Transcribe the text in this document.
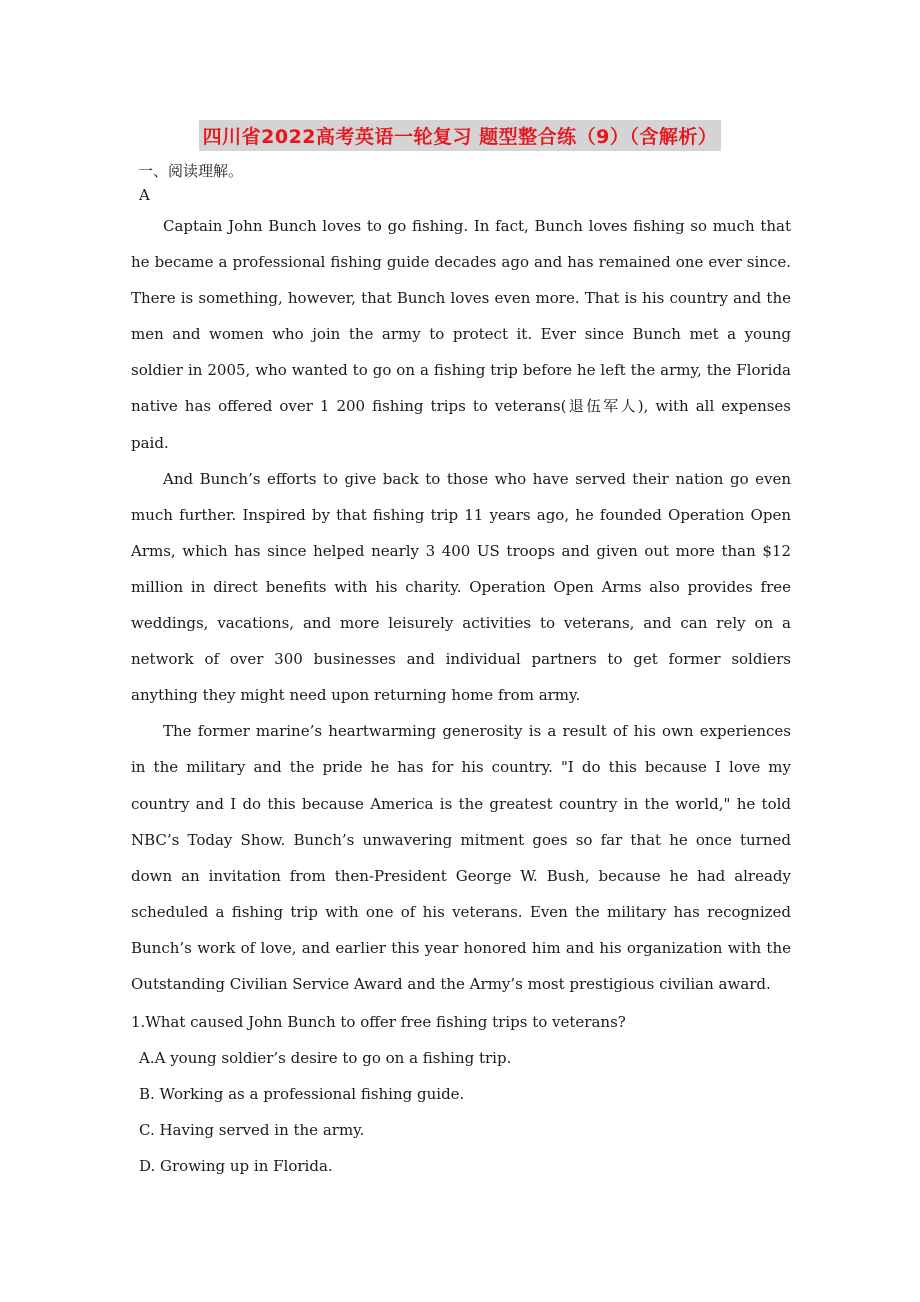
四川省2022高考英语一轮复习 题型整合练（9）（含解析）
一、阅读理解。
A

Captain John Bunch loves to go fishing. In fact, Bunch loves fishing so much that he became a professional fishing guide decades ago and has remained one ever since. There is something, however, that Bunch loves even more. That is his country and the men and women who join the army to protect it. Ever since Bunch met a young soldier in 2005, who wanted to go on a fishing trip before he left the army, the Florida native has offered over 1 200 fishing trips to veterans(退伍军人), with all expenses paid.

And Bunch’s efforts to give back to those who have served their nation go even much further. Inspired by that fishing trip 11 years ago, he founded Operation Open Arms, which has since helped nearly 3 400 US troops and given out more than $12 million in direct benefits with his charity. Operation Open Arms also provides free weddings, vacations, and more leisurely activities to veterans, and can rely on a network of over 300 businesses and individual partners to get former soldiers anything they might need upon returning home from army.

The former marine’s heartwarming generosity is a result of his own experiences in the military and the pride he has for his country. "I do this because I love my country and I do this because America is the greatest country in the world," he told NBC’s Today Show. Bunch’s unwavering mitment goes so far that he once turned down an invitation from then-President George W. Bush, because he had already scheduled a fishing trip with one of his veterans. Even the military has recognized Bunch’s work of love, and earlier this year honored him and his organization with the Outstanding Civilian Service Award and the Army’s most prestigious civilian award.

1.What caused John Bunch to offer free fishing trips to veterans?

A.A young soldier’s desire to go on a fishing trip.

B. Working as a professional fishing guide.

C. Having served in the army.

D. Growing up in Florida.
